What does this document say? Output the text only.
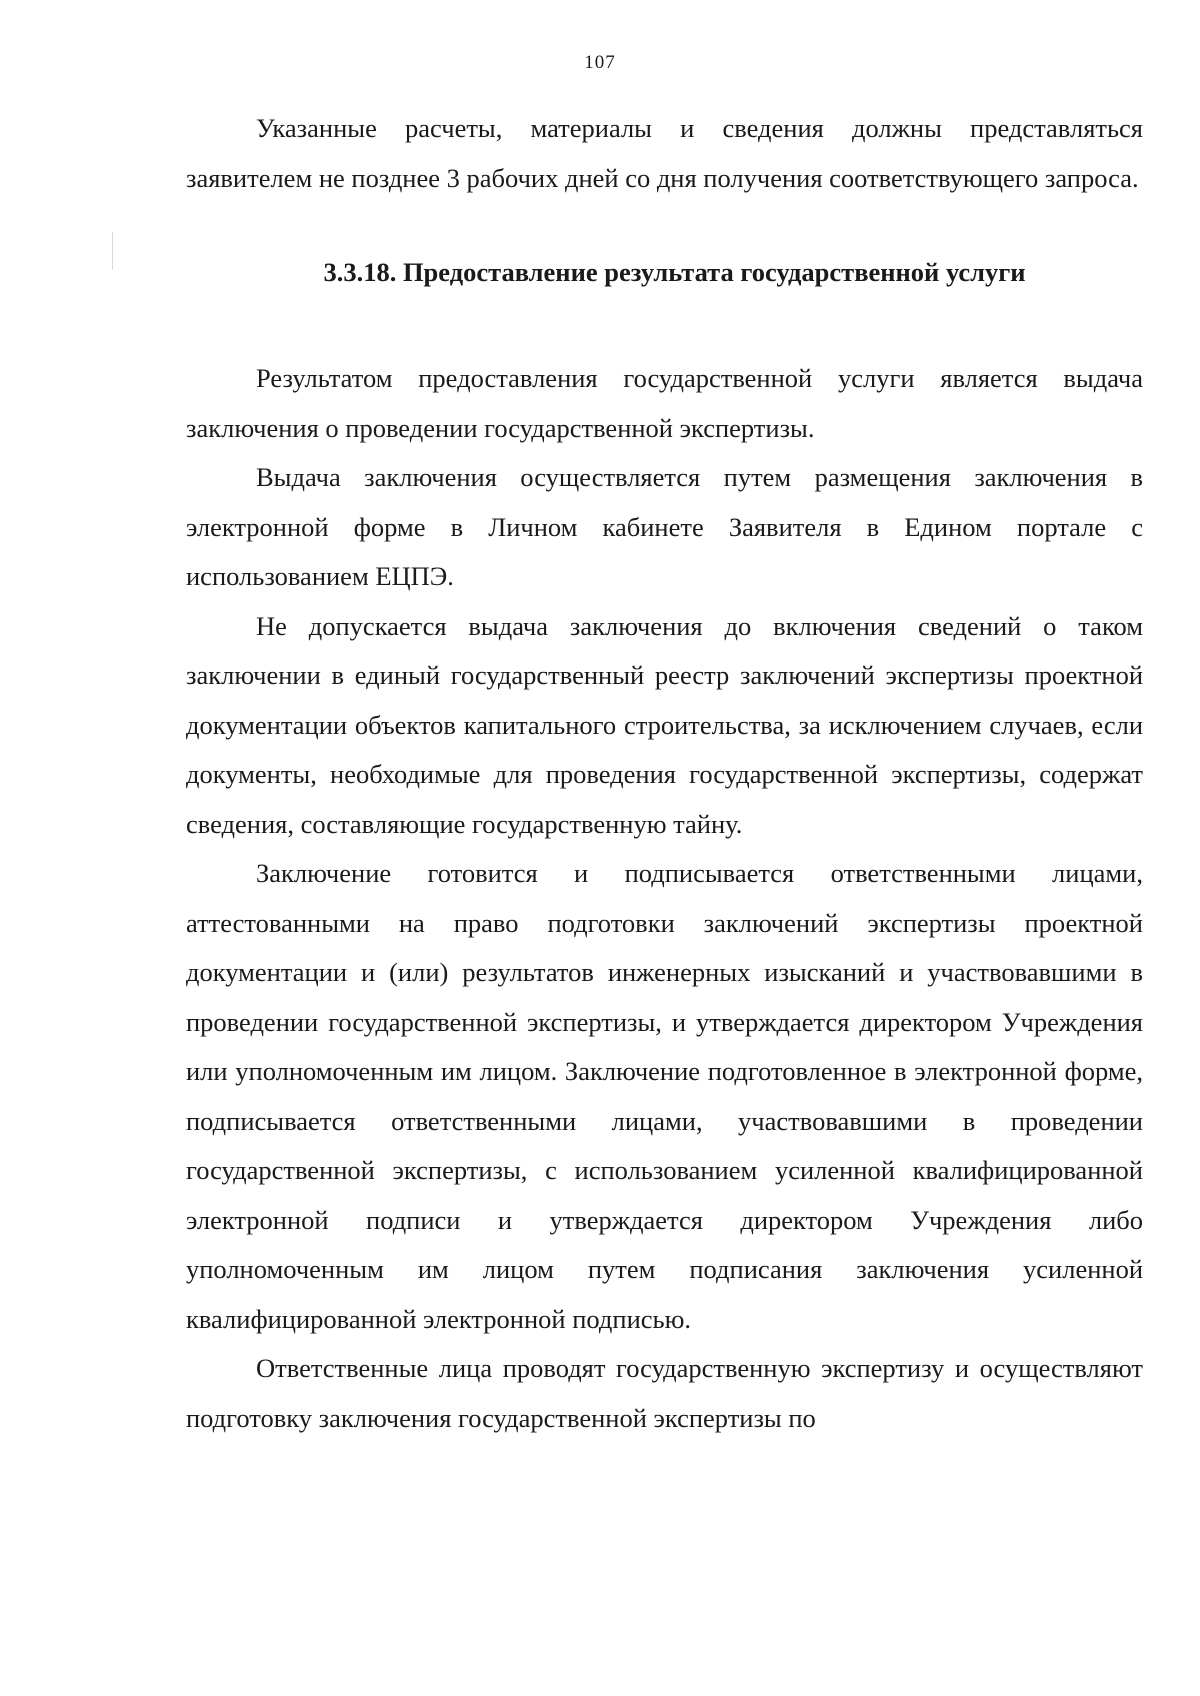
107

Указанные расчеты, материалы и сведения должны представляться заявителем не позднее 3 рабочих дней со дня получения соответствующего запроса.

3.3.18. Предоставление результата государственной услуги

Результатом предоставления государственной услуги является выдача заключения о проведении государственной экспертизы.

Выдача заключения осуществляется путем размещения заключения в электронной форме в Личном кабинете Заявителя в Едином портале с использованием ЕЦПЭ.

Не допускается выдача заключения до включения сведений о таком заключении в единый государственный реестр заключений экспертизы проектной документации объектов капитального строительства, за исключением случаев, если документы, необходимые для проведения государственной экспертизы, содержат сведения, составляющие государственную тайну.

Заключение готовится и подписывается ответственными лицами, аттестованными на право подготовки заключений экспертизы проектной документации и (или) результатов инженерных изысканий и участвовавшими в проведении государственной экспертизы, и утверждается директором Учреждения или уполномоченным им лицом. Заключение подготовленное в электронной форме, подписывается ответственными лицами, участвовавшими в проведении государственной экспертизы, с использованием усиленной квалифицированной электронной подписи и утверждается директором Учреждения либо уполномоченным им лицом путем подписания заключения усиленной квалифицированной электронной подписью.

Ответственные лица проводят государственную экспертизу и осуществляют подготовку заключения государственной экспертизы по
